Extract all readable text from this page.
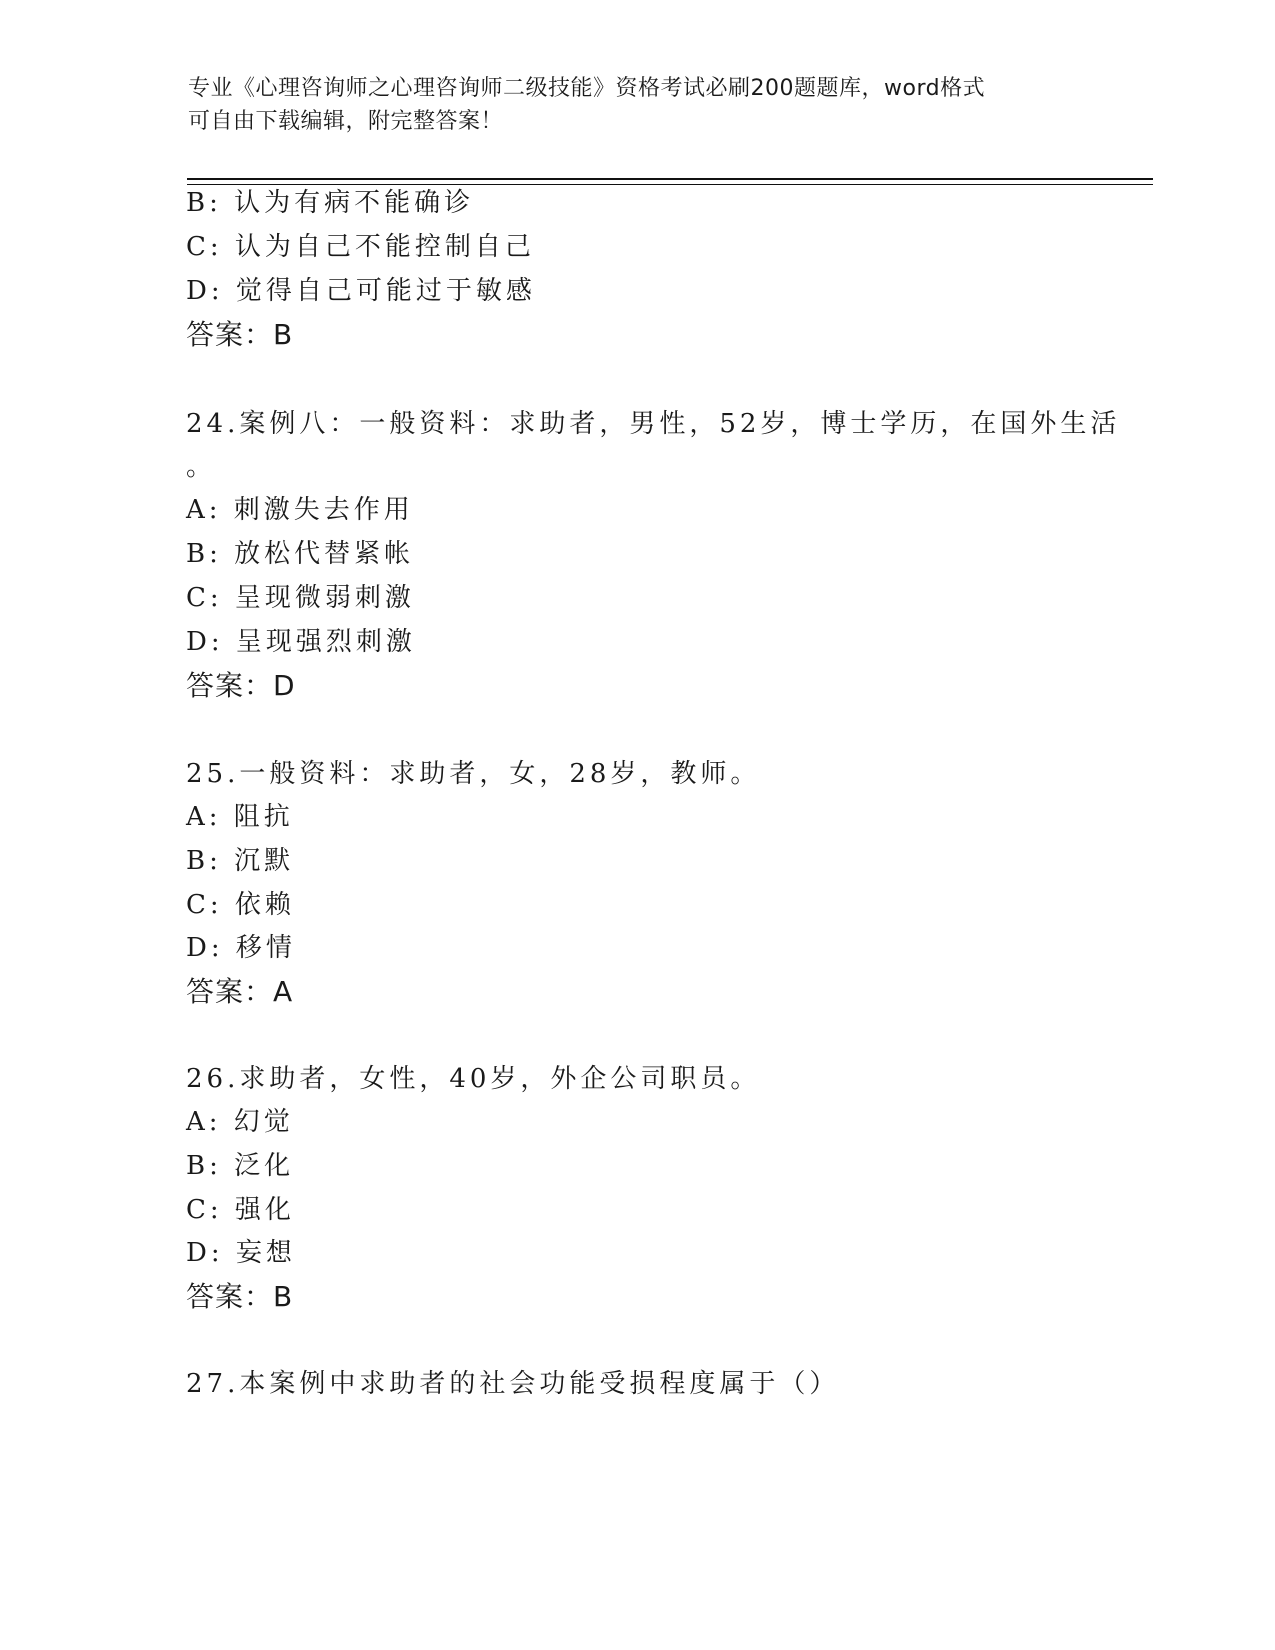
专业《心理咨询师之心理咨询师二级技能》资格考试必刷200题题库，word格式
可自由下载编辑，附完整答案！
B: 认为有病不能确诊
C: 认为自己不能控制自己
D: 觉得自己可能过于敏感
答案：B
24.案例八：一般资料：求助者，男性，52岁，博士学历，在国外生活
。
A: 刺激失去作用
B: 放松代替紧帐
C: 呈现微弱刺激
D: 呈现强烈刺激
答案：D
25.一般资料：求助者，女，28岁，教师。
A: 阻抗
B: 沉默
C: 依赖
D: 移情
答案：A
26.求助者，女性，40岁，外企公司职员。
A: 幻觉
B: 泛化
C: 强化
D: 妄想
答案：B
27.本案例中求助者的社会功能受损程度属于（）
